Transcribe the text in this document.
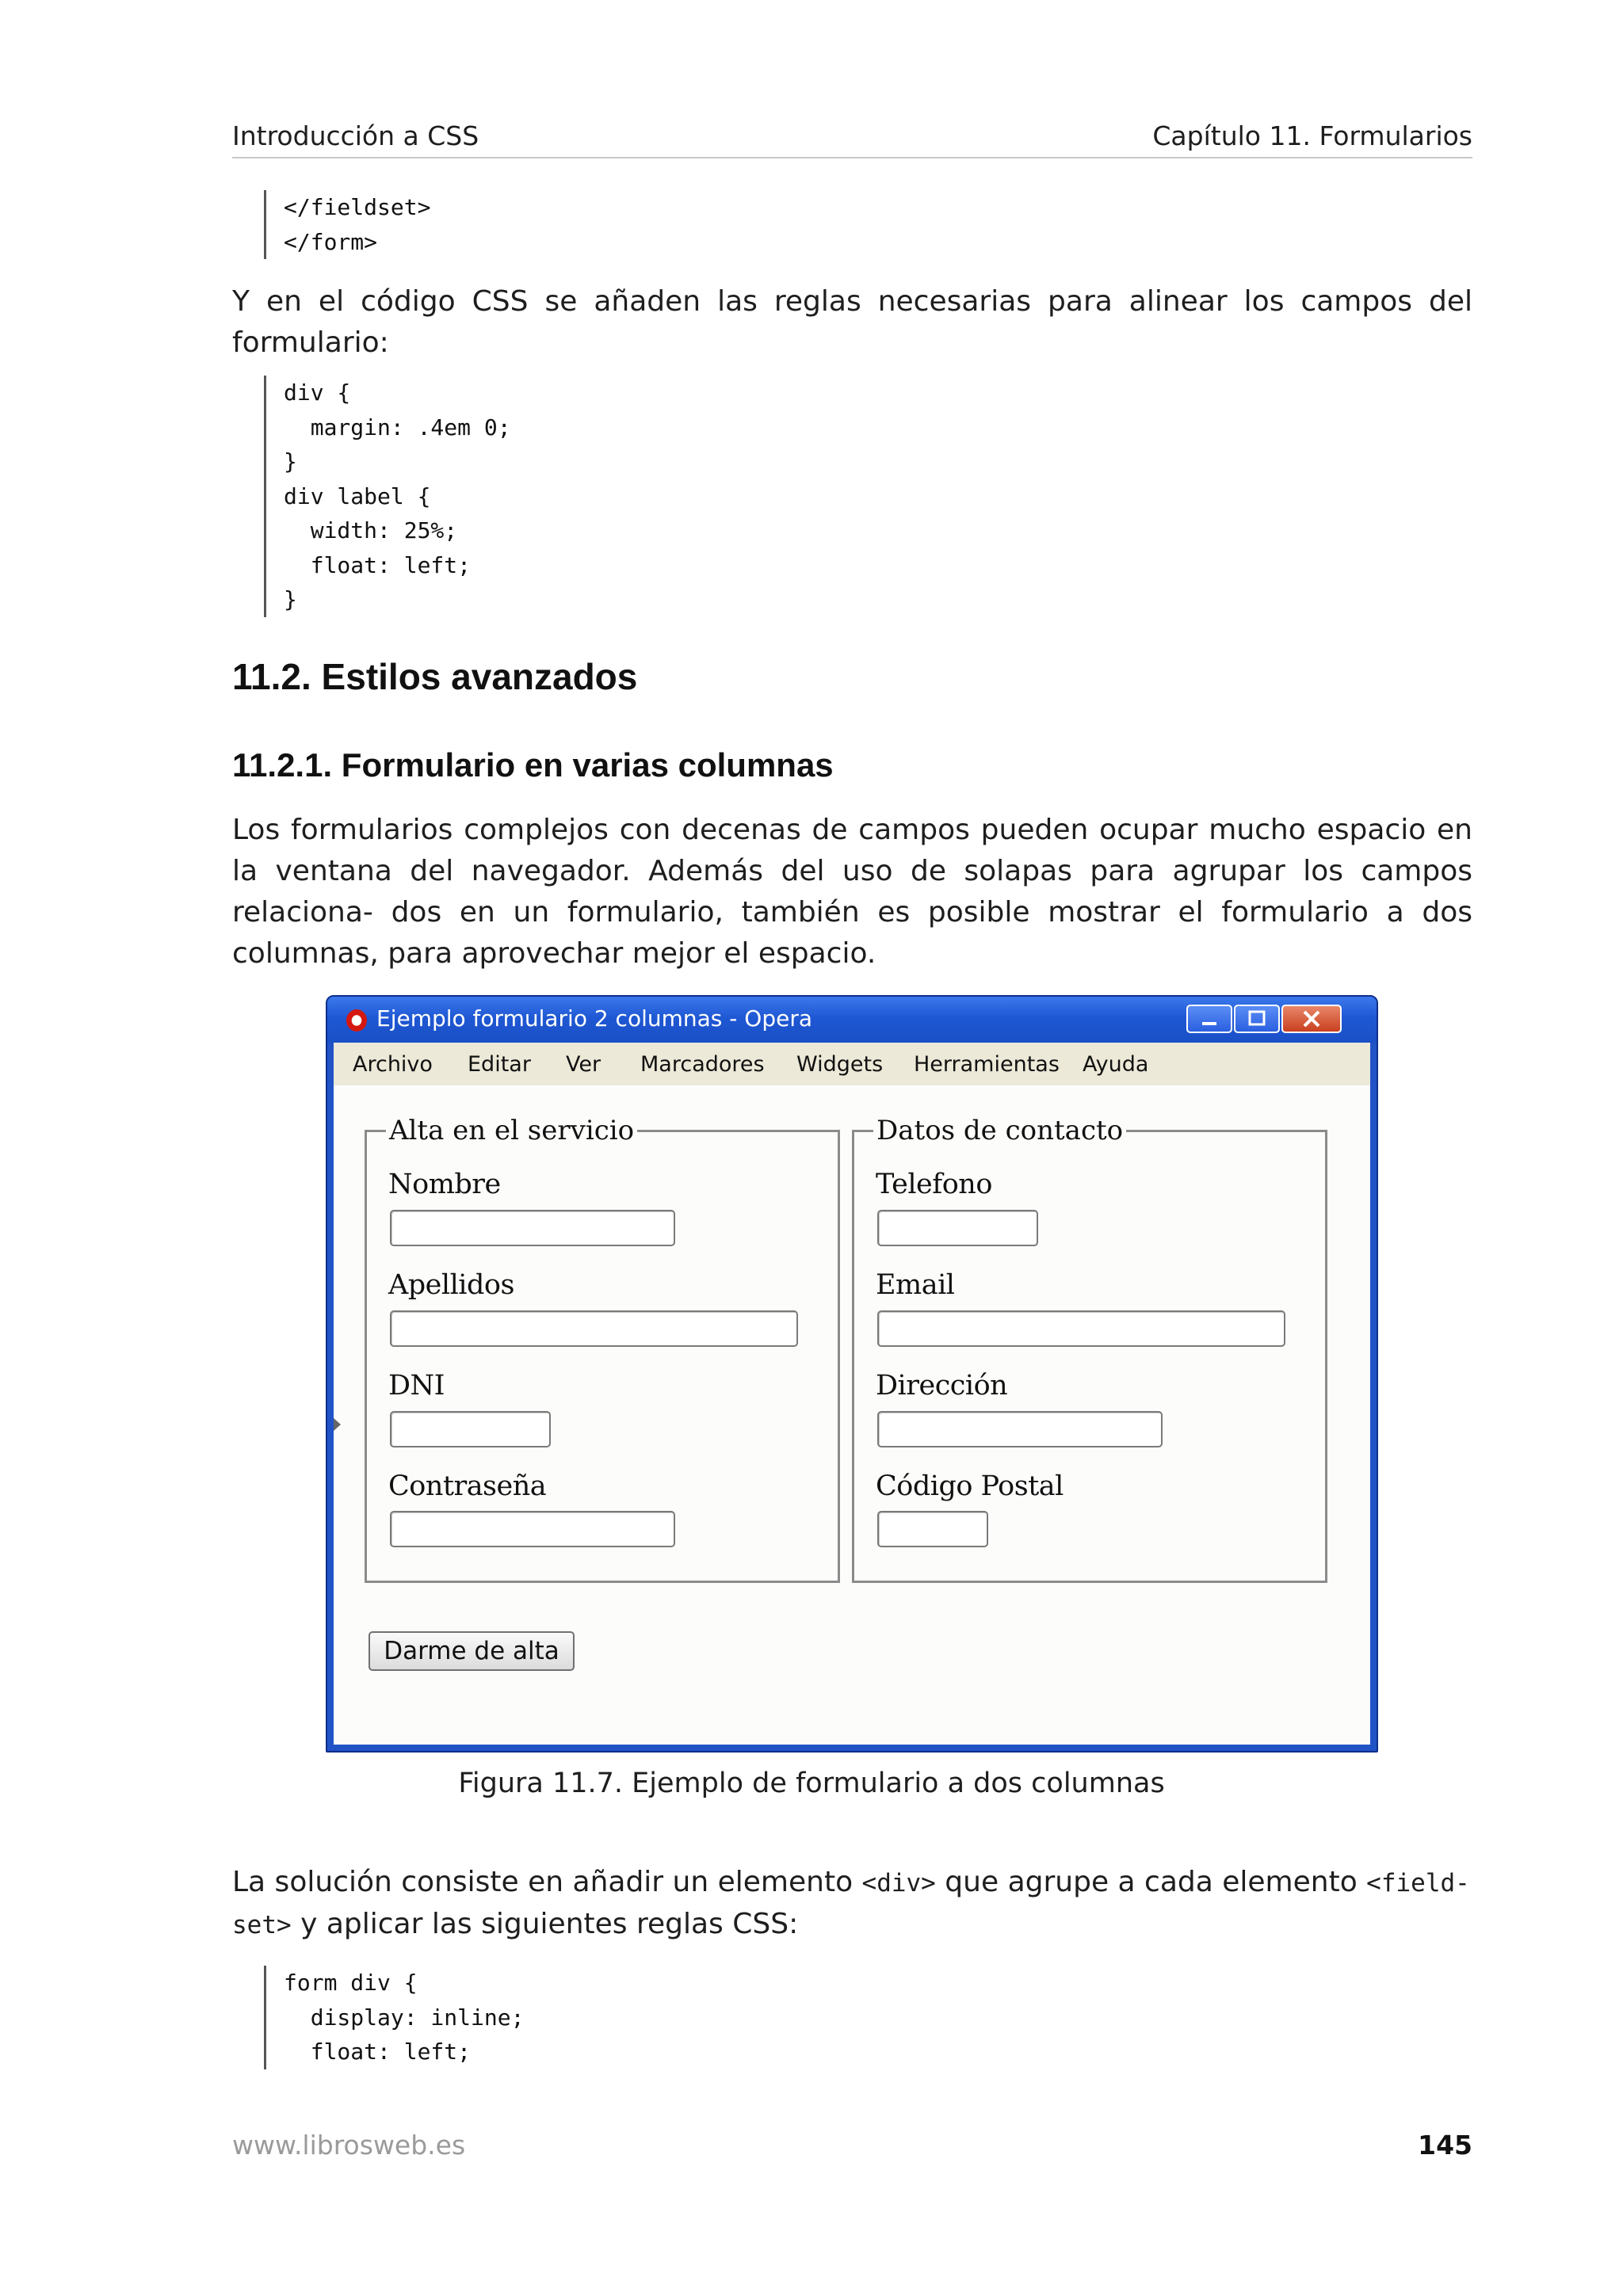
Introducción a CSS	Capítulo 11. Formularios
</fieldset>
</form>
Y en el código CSS se añaden las reglas necesarias para alinear los campos del formulario:
div {
margin: .4em 0;
}
div label {
width: 25%;
float: left;
}
11.2. Estilos avanzados
11.2.1. Formulario en varias columnas
Los formularios complejos con decenas de campos pueden ocupar mucho espacio en la ventana del navegador. Además del uso de solapas para agrupar los campos relaciona- dos en un formulario, también es posible mostrar el formulario a dos columnas, para aprovechar mejor el espacio.
Ejemplo formulario 2 columnas - Opera
Archivo Editar Ver Marcadores Widgets Herramientas Ayuda
Alta en el servicio
Nombre
Apellidos
DNI
Contraseña
Datos de contacto
Telefono
Email
Dirección
Código Postal
Darme de alta
Figura 11.7. Ejemplo de formulario a dos columnas
La solución consiste en añadir un elemento <div> que agrupe a cada elemento <field-
set> y aplicar las siguientes reglas CSS:
form div {
display: inline;
float: left;
www.librosweb.es	145
